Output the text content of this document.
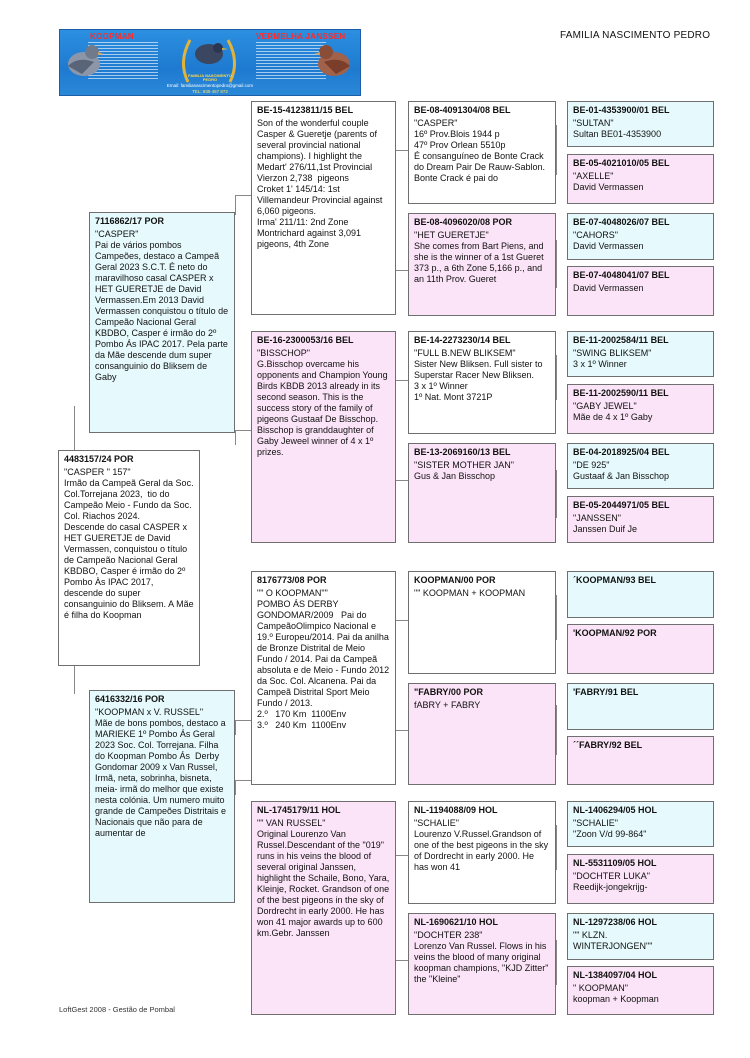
FAMILIA NASCIMENTO PEDRO
KOOPMAN	VERMELHA JANSSEN
FAMILIA NASCIMENTO PEDRO
Email: familianascimentopedro@gmail.com
TEL: 939 457 872
4483157/24 POR
"CASPER " 157"
Irmão da Campeã Geral da Soc. Col.Torrejana 2023,  tio do Campeão Meio - Fundo da Soc. Col. Riachos 2024.
Descende do casal CASPER x HET GUERETJE de David Vermassen, conquistou o título de Campeão Nacional Geral KBDBO, Casper é irmão do 2º Pombo Às IPAC 2017, descende do super consanguinio do Bliksem. A Mãe é filha do Koopman
7116862/17 POR
"CASPER"
Pai de vários pombos Campeões, destaco a Campeã Geral 2023 S.C.T. É neto do maravilhoso casal CASPER x HET GUERETJE de David Vermassen.Em 2013 David Vermassen conquistou o título de Campeão Nacional Geral KBDBO, Casper é irmão do 2º Pombo Ás IPAC 2017. Pela parte da Mãe descende dum super consanguinio do Bliksem de Gaby
6416332/16 POR
"KOOPMAN x V. RUSSEL"
Mãe de bons pombos, destaco a MARIEKE 1º Pombo Ás Geral 2023 Soc. Col. Torrejana. Filha do Koopman Pombo Ás  Derby Gondomar 2009 x Van Russel, Irmã, neta, sobrinha, bisneta, meia- irmã do melhor que existe nesta colónia. Um numero muito grande de Campeões Distritais e Nacionais que não para de aumentar de
BE-15-4123811/15 BEL
Son of the wonderful couple Casper & Gueretje (parents of several provincial national champions). I highlight the Medart' 276/11,1st Provincial Vierzon 2,738  pigeons
Croket 1' 145/14: 1st Villemandeur Provincial against 6,060 pigeons.
Irma' 211/11: 2nd Zone Montrichard against 3,091 pigeons, 4th Zone
BE-16-2300053/16 BEL
"BISSCHOP"
G.Bisschop overcame his opponents and Champion Young Birds KBDB 2013 already in its second season. This is the success story of the family of pigeons Gustaaf De Bisschop. Bisschop is granddaughter of Gaby Jeweel winner of 4 x 1º prizes.
8176773/08 POR
"" O KOOPMAN""
POMBO ÁS DERBY GONDOMAR/2009   Pai do CampeãoOlimpico Nacional e 19.º Europeu/2014. Pai da anilha de Bronze Distrital de Meio Fundo / 2014. Pai da Campeã absoluta e de Meio - Fundo 2012 da Soc. Col. Alcanena. Pai da Campeã Distrital Sport Meio Fundo / 2013.
2.º   170 Km  1100Env
3.º   240 Km  1100Env
NL-1745179/11 HOL
"" VAN RUSSEL"
Original Lourenzo Van Russel.Descendant of the "019" runs in his veins the blood of several original Janssen, highlight the Schaile, Bono, Yara, Kleinje, Rocket. Grandson of one of the best pigeons in the sky of Dordrecht in early 2000. He has won 41 major awards up to 600 km.Gebr. Janssen
BE-08-4091304/08 BEL
"CASPER"
16º Prov.Blois 1944 p
47º Prov Orlean 5510p
É consanguíneo de Bonte Crack do Dream Pair De Rauw-Sablon. Bonte Crack é pai do
BE-08-4096020/08 POR
"HET GUERETJE"
She comes from Bart Piens, and she is the winner of a 1st Gueret 373 p., a 6th Zone 5,166 p., and an 11th Prov. Gueret
BE-14-2273230/14 BEL
"FULL B.NEW BLIKSEM"
Sister New Bliksen. Full sister to Superstar Racer New Bliksen.
3 x 1º Winner
1º Nat. Mont 3721P
BE-13-2069160/13 BEL
"SISTER MOTHER JAN"
Gus & Jan Bisschop
KOOPMAN/00 POR
"" KOOPMAN + KOOPMAN
"FABRY/00 POR
fABRY + FABRY
NL-1194088/09 HOL
"SCHALIE"
Lourenzo V.Russel.Grandson of one of the best pigeons in the sky of Dordrecht in early 2000. He has won 41
NL-1690621/10 HOL
"DOCHTER 238"
Lorenzo Van Russel. Flows in his veins the blood of many original koopman champions, "KJD Zitter" the "Kleine"
BE-01-4353900/01 BEL
"SULTAN"
Sultan BE01-4353900
BE-05-4021010/05 BEL
"AXELLE"
David Vermassen
BE-07-4048026/07 BEL
"CAHORS"
David Vermassen
BE-07-4048041/07 BEL
David Vermassen
BE-11-2002584/11 BEL
"SWING BLIKSEM"
3 x 1º Winner
BE-11-2002590/11 BEL
"GABY JEWEL"
Mãe de 4 x 1º Gaby
BE-04-2018925/04 BEL
"DE 925"
Gustaaf & Jan Bisschop
BE-05-2044971/05 BEL
"JANSSEN"
Janssen Duif Je
´KOOPMAN/93 BEL
'KOOPMAN/92 POR
'FABRY/91 BEL
´´FABRY/92 BEL
NL-1406294/05 HOL
"SCHALIE"
"Zoon V/d 99-864"
NL-5531109/05 HOL
"DOCHTER LUKA"
Reedijk-jongekrijg-
NL-1297238/06 HOL
"" KLZN.
WINTERJONGEN""
NL-1384097/04 HOL
" KOOPMAN"
koopman + Koopman
LoftGest 2008 - Gestão de Pombal
